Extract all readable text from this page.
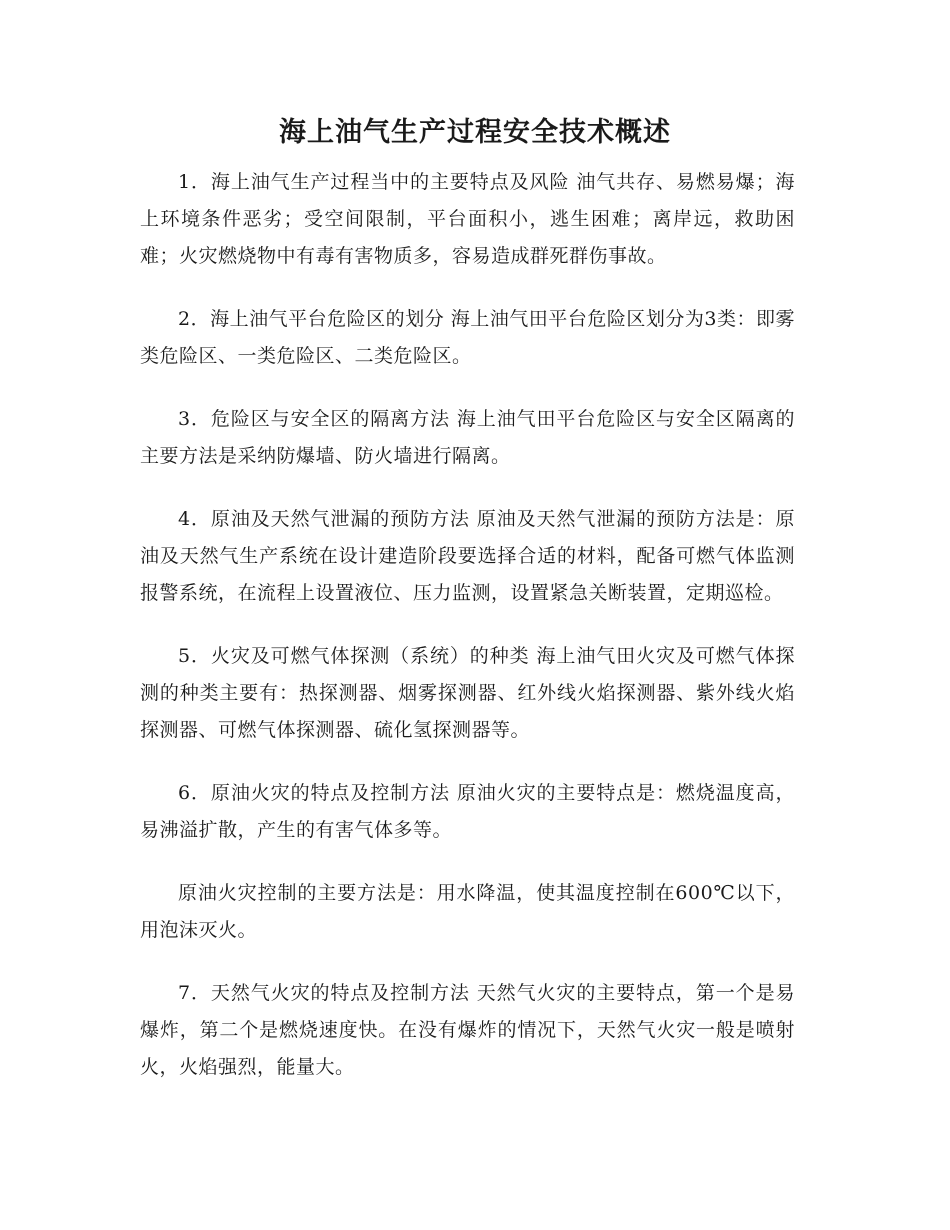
海上油气生产过程安全技术概述

1．海上油气生产过程当中的主要特点及风险 油气共存、易燃易爆；海上环境条件恶劣；受空间限制，平台面积小，逃生困难；离岸远，救助困难；火灾燃烧物中有毒有害物质多，容易造成群死群伤事故。

2．海上油气平台危险区的划分 海上油气田平台危险区划分为3类：即雾类危险区、一类危险区、二类危险区。

3．危险区与安全区的隔离方法 海上油气田平台危险区与安全区隔离的主要方法是采纳防爆墙、防火墙进行隔离。

4．原油及天然气泄漏的预防方法 原油及天然气泄漏的预防方法是：原油及天然气生产系统在设计建造阶段要选择合适的材料，配备可燃气体监测报警系统，在流程上设置液位、压力监测，设置紧急关断装置，定期巡检。

5．火灾及可燃气体探测（系统）的种类 海上油气田火灾及可燃气体探测的种类主要有：热探测器、烟雾探测器、红外线火焰探测器、紫外线火焰探测器、可燃气体探测器、硫化氢探测器等。

6．原油火灾的特点及控制方法 原油火灾的主要特点是：燃烧温度高，易沸溢扩散，产生的有害气体多等。

原油火灾控制的主要方法是：用水降温，使其温度控制在600℃以下，用泡沫灭火。

7．天然气火灾的特点及控制方法 天然气火灾的主要特点，第一个是易爆炸，第二个是燃烧速度快。在没有爆炸的情况下，天然气火灾一般是喷射火，火焰强烈，能量大。
